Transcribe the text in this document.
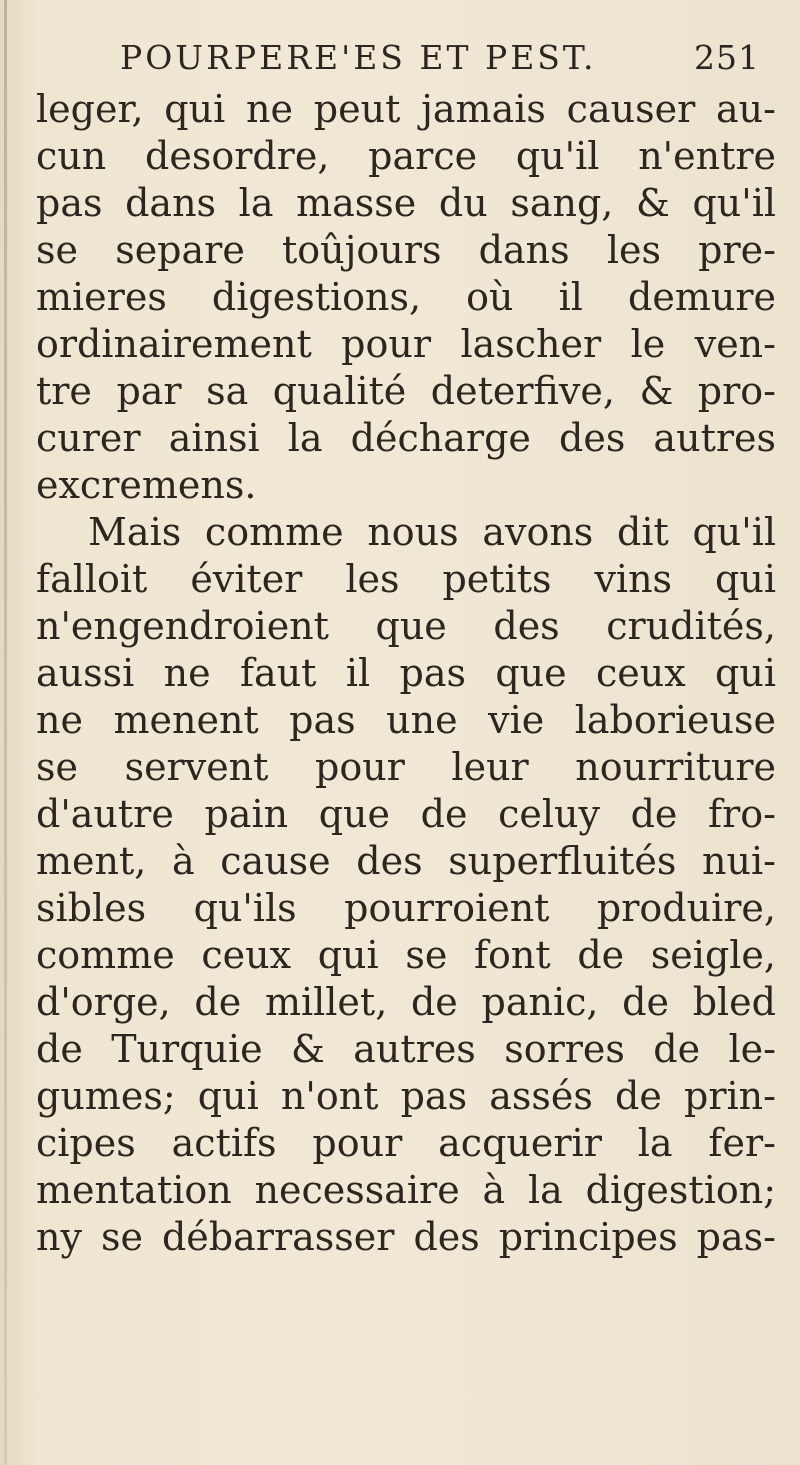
POURPERE'ES ET PEST.	251
leger, qui ne peut jamais causer au-
cun desordre, parce qu'il n'entre
pas dans la masse du sang, & qu'il
se separe toûjours dans les pre-
mieres digestions, où il demure
ordinairement pour lascher le ven-
tre par sa qualité deterfive, & pro-
curer ainsi la décharge des autres
excremens.
Mais comme nous avons dit qu'il
falloit éviter les petits vins qui
n'engendroient que des crudités,
aussi ne faut il pas que ceux qui
ne menent pas une vie laborieuse
se servent pour leur nourriture
d'autre pain que de celuy de fro-
ment, à cause des superfluités nui-
sibles qu'ils pourroient produire,
comme ceux qui se font de seigle,
d'orge, de millet, de panic, de bled
de Turquie & autres sorres de le-
gumes; qui n'ont pas assés de prin-
cipes actifs pour acquerir la fer-
mentation necessaire à la digestion;
ny se débarrasser des principes pas-
